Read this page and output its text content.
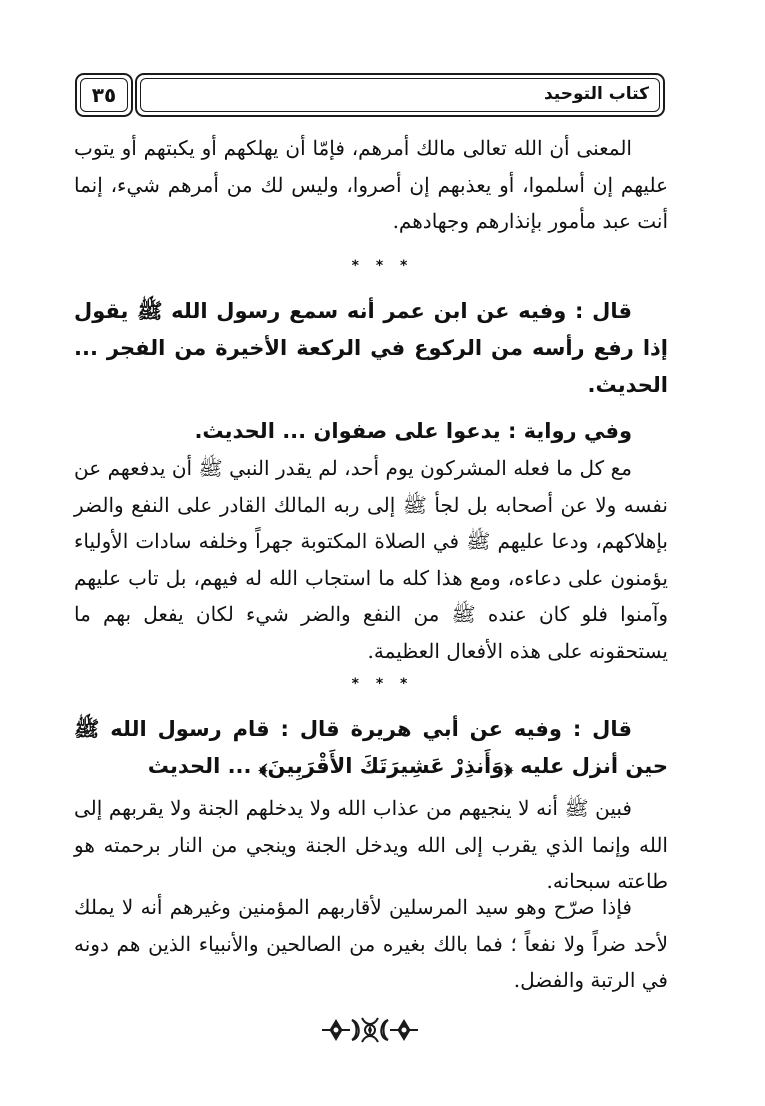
كتاب التوحيد
٣٥

المعنى أن الله تعالى مالك أمرهم، فإمّا أن يهلكهم أو يكبتهم أو يتوب عليهم إن أسلموا، أو يعذبهم إن أصروا، وليس لك من أمرهم شيء، إنما أنت عبد مأمور بإنذارهم وجهادهم.

* * *

قال : وفيه عن ابن عمر أنه سمع رسول الله ﷺ يقول إذا رفع رأسه من الركوع في الركعة الأخيرة من الفجر ... الحديث.

وفي رواية : يدعوا على صفوان ... الحديث.

مع كل ما فعله المشركون يوم أحد، لم يقدر النبي ﷺ أن يدفعهم عن نفسه ولا عن أصحابه بل لجأ ﷺ إلى ربه المالك القادر على النفع والضر بإهلاكهم، ودعا عليهم ﷺ في الصلاة المكتوبة جهراً وخلفه سادات الأولياء يؤمنون على دعاءه، ومع هذا كله ما استجاب الله له فيهم، بل تاب عليهم وآمنوا فلو كان عنده ﷺ من النفع والضر شيء لكان يفعل بهم ما يستحقونه على هذه الأفعال العظيمة.

* * *

قال : وفيه عن أبي هريرة قال : قام رسول الله ﷺ حين أنزل عليه ﴿وَأَنذِرْ عَشِيرَتَكَ الأَقْرَبِينَ﴾ ... الحديث

فبين ﷺ أنه لا ينجيهم من عذاب الله ولا يدخلهم الجنة ولا يقربهم إلى الله وإنما الذي يقرب إلى الله ويدخل الجنة وينجي من النار برحمته هو طاعته سبحانه.

فإذا صرّح وهو سيد المرسلين لأقاربهم المؤمنين وغيرهم أنه لا يملك لأحد ضراً ولا نفعاً ؛ فما بالك بغيره من الصالحين والأنبياء الذين هم دونه في الرتبة والفضل.
